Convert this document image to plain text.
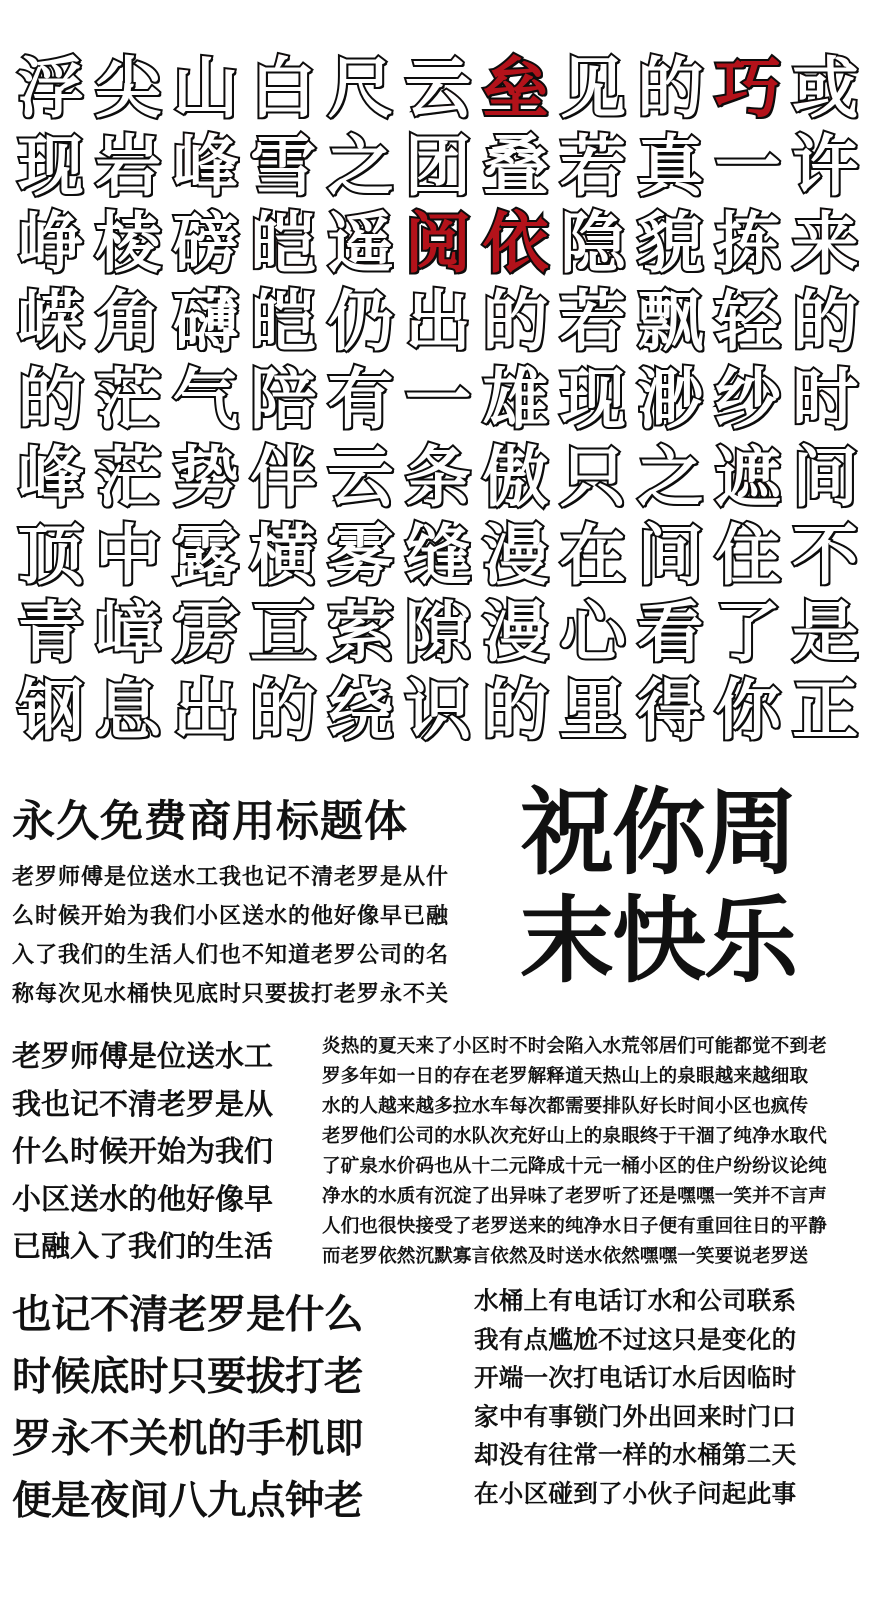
浮 尖 山 白 尺 云 垒 见 的 巧 或
现 岩 峰 雪 之 团 叠 若 真 一 许
峥 棱 磅 皑 遥 阅 依 隐 貌 拣 来
嵘 角 礴 皑 仍 出 的 若 飘 轻 的
的 茫 气 陪 有 一 雄 现 渺 纱 时
峰 茫 势 伴 云 条 傲 只 之 遮 间
顶 中 露 横 雾 缝 漫 在 间 住 不
青 嶂 雳 亘 萦 隙 漫 心 看 了 是
钢 息 出 的 绕 识 的 里 得 你 正
永久免费商用标题体	祝你周
末快乐
老罗师傅是位送水工我也记不清老罗是从什
么时候开始为我们小区送水的他好像早已融
入了我们的生活人们也不知道老罗公司的名
称每次见水桶快见底时只要拔打老罗永不关
老罗师傅是位送水工
我也记不清老罗是从
什么时候开始为我们
小区送水的他好像早
已融入了我们的生活
炎热的夏天来了小区时不时会陷入水荒邻居们可能都觉不到老
罗多年如一日的存在老罗解释道天热山上的泉眼越来越细取
水的人越来越多拉水车每次都需要排队好长时间小区也疯传
老罗他们公司的水队次充好山上的泉眼终于干涸了纯净水取代
了矿泉水价码也从十二元降成十元一桶小区的住户纷纷议论纯
净水的水质有沉淀了出异味了老罗听了还是嘿嘿一笑并不言声
人们也很快接受了老罗送来的纯净水日子便有重回往日的平静
而老罗依然沉默寡言依然及时送水依然嘿嘿一笑要说老罗送
也记不清老罗是什么
时候底时只要拔打老
罗永不关机的手机即
便是夜间八九点钟老
水桶上有电话订水和公司联系
我有点尴尬不过这只是变化的
开端一次打电话订水后因临时
家中有事锁门外出回来时门口
却没有往常一样的水桶第二天
在小区碰到了小伙子问起此事
